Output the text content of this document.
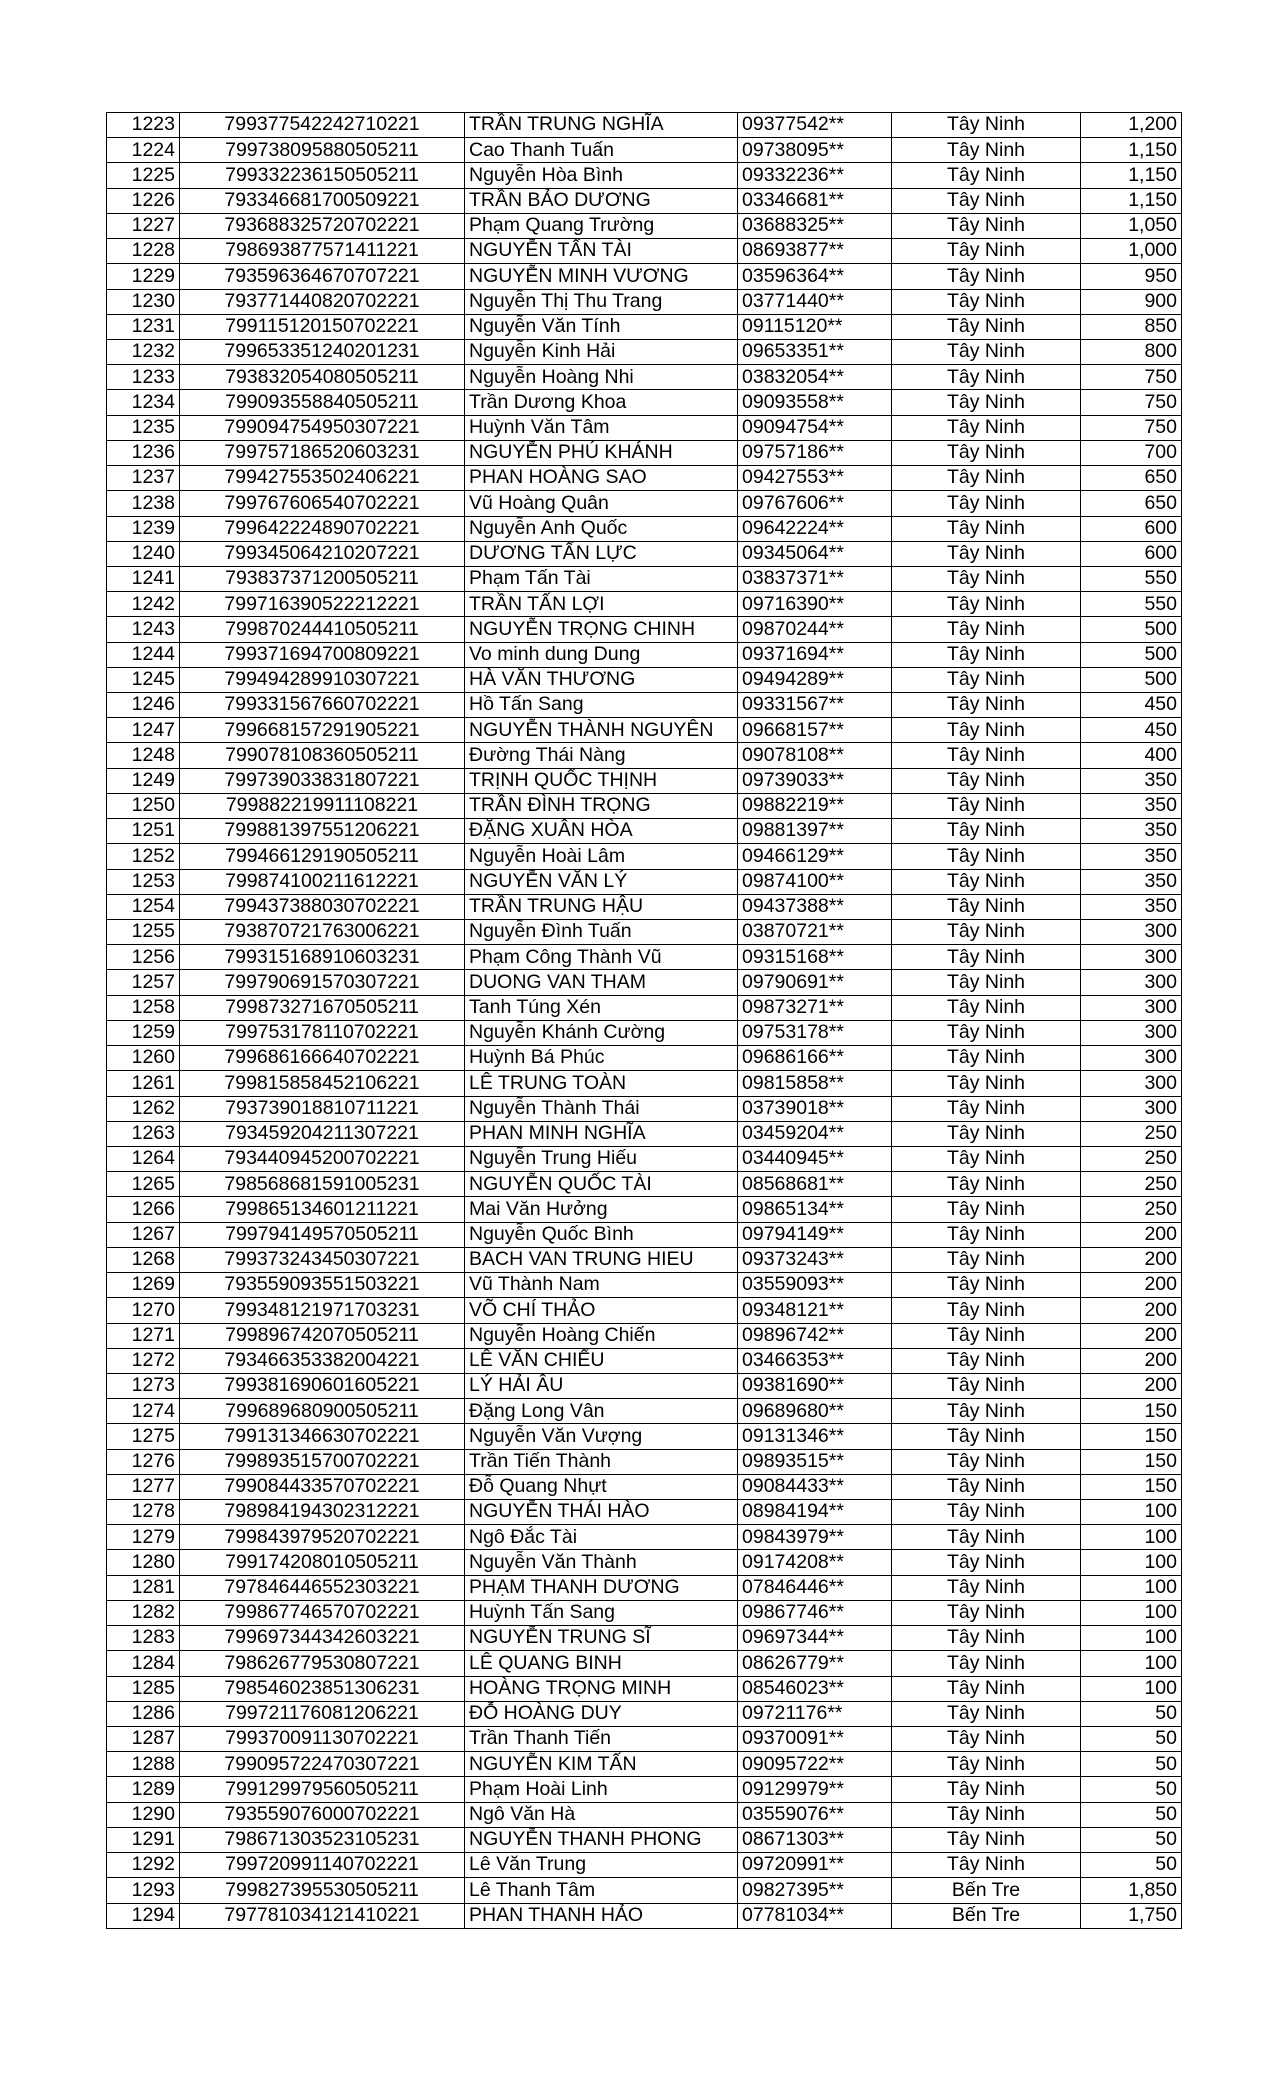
1223	799377542242710221	TRẦN TRUNG NGHĨA	09377542**	Tây Ninh	1,200
1224	799738095880505211	Cao Thanh Tuấn	09738095**	Tây Ninh	1,150
1225	799332236150505211	Nguyễn Hòa Bình	09332236**	Tây Ninh	1,150
1226	793346681700509221	TRẦN BẢO DƯƠNG	03346681**	Tây Ninh	1,150
1227	793688325720702221	Phạm Quang Trường	03688325**	Tây Ninh	1,050
1228	798693877571411221	NGUYỄN TẤN TÀI	08693877**	Tây Ninh	1,000
1229	793596364670707221	NGUYỄN MINH VƯƠNG	03596364**	Tây Ninh	950
1230	793771440820702221	Nguyễn Thị Thu Trang	03771440**	Tây Ninh	900
1231	799115120150702221	Nguyễn Văn Tính	09115120**	Tây Ninh	850
1232	799653351240201231	Nguyễn Kinh Hải	09653351**	Tây Ninh	800
1233	793832054080505211	Nguyễn Hoàng Nhi	03832054**	Tây Ninh	750
1234	799093558840505211	Trần Dương Khoa	09093558**	Tây Ninh	750
1235	799094754950307221	Huỳnh Văn Tâm	09094754**	Tây Ninh	750
1236	799757186520603231	NGUYỄN PHÚ KHÁNH	09757186**	Tây Ninh	700
1237	799427553502406221	PHAN HOÀNG SAO	09427553**	Tây Ninh	650
1238	799767606540702221	Vũ Hoàng Quân	09767606**	Tây Ninh	650
1239	799642224890702221	Nguyễn Anh Quốc	09642224**	Tây Ninh	600
1240	799345064210207221	DƯƠNG TẤN LỰC	09345064**	Tây Ninh	600
1241	793837371200505211	Phạm Tấn Tài	03837371**	Tây Ninh	550
1242	799716390522212221	TRẦN TẤN LỢI	09716390**	Tây Ninh	550
1243	799870244410505211	NGUYỄN TRỌNG CHINH	09870244**	Tây Ninh	500
1244	799371694700809221	Vo minh dung Dung	09371694**	Tây Ninh	500
1245	799494289910307221	HÀ VĂN THƯƠNG	09494289**	Tây Ninh	500
1246	799331567660702221	Hồ Tấn Sang	09331567**	Tây Ninh	450
1247	799668157291905221	NGUYỄN THÀNH NGUYÊN	09668157**	Tây Ninh	450
1248	799078108360505211	Đường Thái Nàng	09078108**	Tây Ninh	400
1249	799739033831807221	TRỊNH QUỐC THỊNH	09739033**	Tây Ninh	350
1250	799882219911108221	TRẦN ĐÌNH TRỌNG	09882219**	Tây Ninh	350
1251	799881397551206221	ĐẶNG XUÂN HÒA	09881397**	Tây Ninh	350
1252	799466129190505211	Nguyễn Hoài Lâm	09466129**	Tây Ninh	350
1253	799874100211612221	NGUYỄN VĂN LÝ	09874100**	Tây Ninh	350
1254	799437388030702221	TRẦN TRUNG HẬU	09437388**	Tây Ninh	350
1255	793870721763006221	Nguyễn Đình Tuấn	03870721**	Tây Ninh	300
1256	799315168910603231	Phạm Công Thành Vũ	09315168**	Tây Ninh	300
1257	799790691570307221	DUONG VAN THAM	09790691**	Tây Ninh	300
1258	799873271670505211	Tanh Túng Xén	09873271**	Tây Ninh	300
1259	799753178110702221	Nguyễn Khánh Cường	09753178**	Tây Ninh	300
1260	799686166640702221	Huỳnh Bá Phúc	09686166**	Tây Ninh	300
1261	799815858452106221	LÊ TRUNG TOÀN	09815858**	Tây Ninh	300
1262	793739018810711221	Nguyễn Thành Thái	03739018**	Tây Ninh	300
1263	793459204211307221	PHAN MINH NGHĨA	03459204**	Tây Ninh	250
1264	793440945200702221	Nguyễn Trung Hiếu	03440945**	Tây Ninh	250
1265	798568681591005231	NGUYỄN QUỐC TÀI	08568681**	Tây Ninh	250
1266	799865134601211221	Mai Văn Hưởng	09865134**	Tây Ninh	250
1267	799794149570505211	Nguyễn Quốc Bình	09794149**	Tây Ninh	200
1268	799373243450307221	BACH VAN TRUNG HIEU	09373243**	Tây Ninh	200
1269	793559093551503221	Vũ Thành Nam	03559093**	Tây Ninh	200
1270	799348121971703231	VÕ CHÍ THẢO	09348121**	Tây Ninh	200
1271	799896742070505211	Nguyễn Hoàng Chiến	09896742**	Tây Ninh	200
1272	793466353382004221	LÊ VĂN CHIỂU	03466353**	Tây Ninh	200
1273	799381690601605221	LÝ HẢI ÂU	09381690**	Tây Ninh	200
1274	799689680900505211	Đặng Long Vân	09689680**	Tây Ninh	150
1275	799131346630702221	Nguyễn Văn Vượng	09131346**	Tây Ninh	150
1276	799893515700702221	Trần Tiến Thành	09893515**	Tây Ninh	150
1277	799084433570702221	Đỗ Quang Nhựt	09084433**	Tây Ninh	150
1278	798984194302312221	NGUYỄN THÁI HÀO	08984194**	Tây Ninh	100
1279	799843979520702221	Ngô Đắc Tài	09843979**	Tây Ninh	100
1280	799174208010505211	Nguyễn Văn Thành	09174208**	Tây Ninh	100
1281	797846446552303221	PHẠM THANH DƯƠNG	07846446**	Tây Ninh	100
1282	799867746570702221	Huỳnh Tấn Sang	09867746**	Tây Ninh	100
1283	799697344342603221	NGUYỄN TRUNG SĨ	09697344**	Tây Ninh	100
1284	798626779530807221	LÊ QUANG BINH	08626779**	Tây Ninh	100
1285	798546023851306231	HOÀNG TRỌNG MINH	08546023**	Tây Ninh	100
1286	799721176081206221	ĐỖ HOÀNG DUY	09721176**	Tây Ninh	50
1287	799370091130702221	Trần Thanh Tiến	09370091**	Tây Ninh	50
1288	799095722470307221	NGUYỄN KIM TẤN	09095722**	Tây Ninh	50
1289	799129979560505211	Phạm Hoài Linh	09129979**	Tây Ninh	50
1290	793559076000702221	Ngô Văn Hà	03559076**	Tây Ninh	50
1291	798671303523105231	NGUYỄN THANH PHONG	08671303**	Tây Ninh	50
1292	799720991140702221	Lê Văn Trung	09720991**	Tây Ninh	50
1293	799827395530505211	Lê Thanh Tâm	09827395**	Bến Tre	1,850
1294	797781034121410221	PHAN THANH HẢO	07781034**	Bến Tre	1,750
